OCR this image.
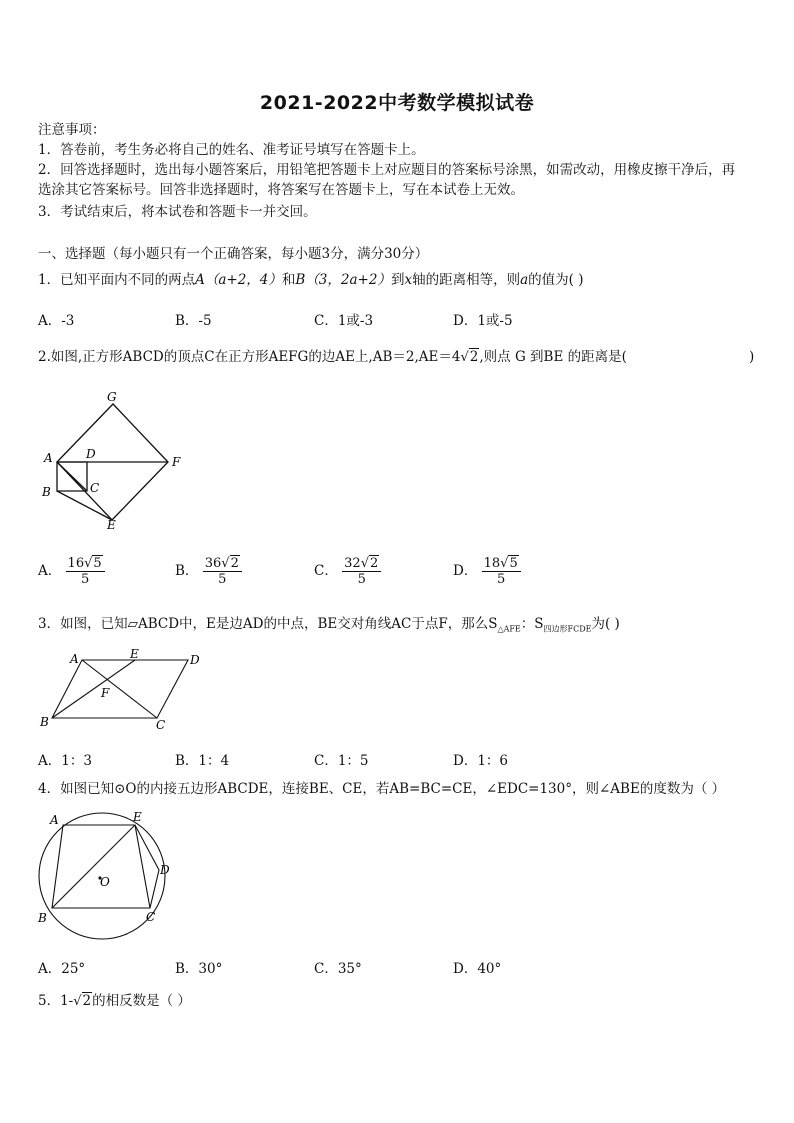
2021-2022中考数学模拟试卷
注意事项：
1．答卷前，考生务必将自己的姓名、准考证号填写在答题卡上。
2．回答选择题时，选出每小题答案后，用铅笔把答题卡上对应题目的答案标号涂黑，如需改动，用橡皮擦干净后，再
选涂其它答案标号。回答非选择题时，将答案写在答题卡上，写在本试卷上无效。
3．考试结束后，将本试卷和答题卡一并交回。
一、选择题（每小题只有一个正确答案，每小题3分，满分30分）
1．已知平面内不同的两点A（a+2，4）和B（3，2a+2）到x轴的距离相等，则a的值为( )
A．-3	B．-5	C．1或-3	D．1或-5
2.如图,正方形ABCD的顶点C在正方形AEFG的边AE上,AB＝2,AE＝4√2,则点 G 到BE 的距离是(	)
G
A	D
F
B	C
E
A． $\frac{16√5}{5}$	B． $\frac{36√2}{5}$	C． $\frac{32√2}{5}$	D． $\frac{18√5}{5}$
3．如图，已知▱ABCD中，E是边AD的中点，BE交对角线AC于点F，那么$S_{\triangle AFE}$：$S_{四边形FCDE}$为( )
A	E	D
F
B	C
A．1：3	B．1：4	C．1：5	D．1：6
4．如图已知⊙O的内接五边形ABCDE，连接BE、CE，若AB=BC=CE，∠EDC=130°，则∠ABE的度数为（ ）
A	E
D
O
B	C
A．25°	B．30°	C．35°	D．40°
5．1-√2的相反数是（ ）
